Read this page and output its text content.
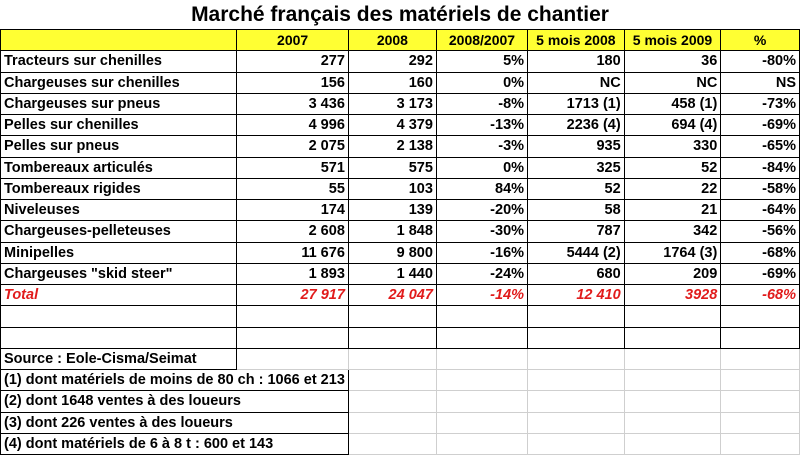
Marché français des matériels de chantier
	2007	2008	2008/2007	5 mois 2008	5 mois 2009	%
Tracteurs sur chenilles	277	292	5%	180	36	-80%
Chargeuses sur chenilles	156	160	0%	NC	NC	NS
Chargeuses sur pneus	3 436	3 173	-8%	1713 (1)	458 (1)	-73%
Pelles sur chenilles	4 996	4 379	-13%	2236 (4)	694 (4)	-69%
Pelles sur pneus	2 075	2 138	-3%	935	330	-65%
Tombereaux articulés	571	575	0%	325	52	-84%
Tombereaux rigides	55	103	84%	52	22	-58%
Niveleuses	174	139	-20%	58	21	-64%
Chargeuses-pelleteuses	2 608	1 848	-30%	787	342	-56%
Minipelles	11 676	9 800	-16%	5444 (2)	1764 (3)	-68%
Chargeuses "skid steer"	1 893	1 440	-24%	680	209	-69%
Total	27 917	24 047	-14%	12 410	3928	-68%

Source : Eole-Cisma/Seimat						
(1) dont matériels de moins de 80 ch : 1066 et 213						
(2) dont 1648 ventes à des loueurs						
(3) dont 226 ventes à des loueurs						
(4) dont matériels de 6 à 8 t : 600 et 143						
